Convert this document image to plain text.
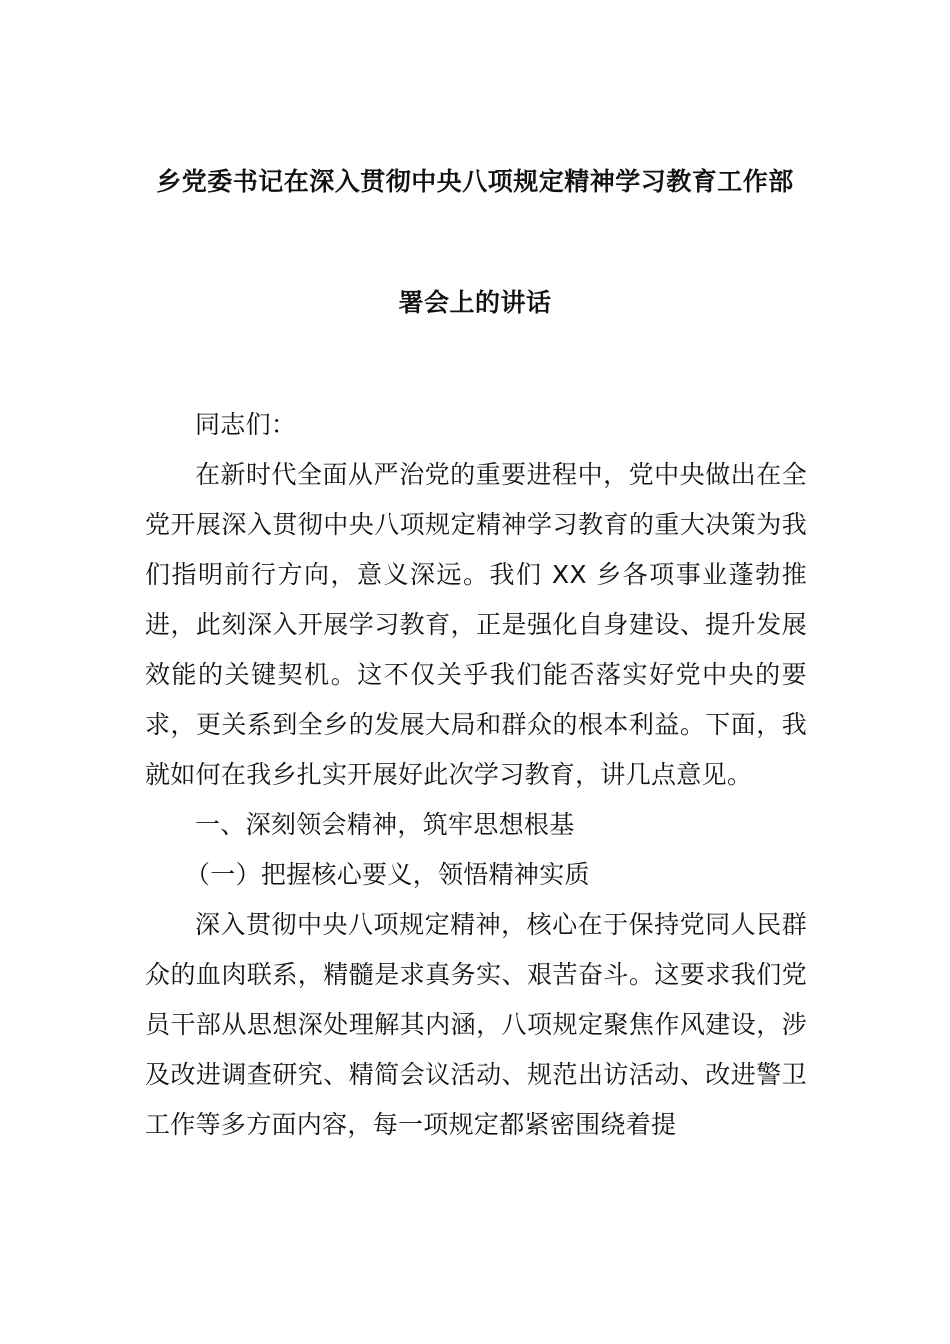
乡党委书记在深入贯彻中央八项规定精神学习教育工作部
署会上的讲话

同志们：

在新时代全面从严治党的重要进程中，党中央做出在全党开展深入贯彻中央八项规定精神学习教育的重大决策为我们指明前行方向，意义深远。我们 XX 乡各项事业蓬勃推进，此刻深入开展学习教育，正是强化自身建设、提升发展效能的关键契机。这不仅关乎我们能否落实好党中央的要求，更关系到全乡的发展大局和群众的根本利益。下面，我就如何在我乡扎实开展好此次学习教育，讲几点意见。

一、深刻领会精神，筑牢思想根基

（一）把握核心要义，领悟精神实质

深入贯彻中央八项规定精神，核心在于保持党同人民群众的血肉联系，精髓是求真务实、艰苦奋斗。这要求我们党员干部从思想深处理解其内涵，八项规定聚焦作风建设，涉及改进调查研究、精简会议活动、规范出访活动、改进警卫工作等多方面内容，每一项规定都紧密围绕着提
